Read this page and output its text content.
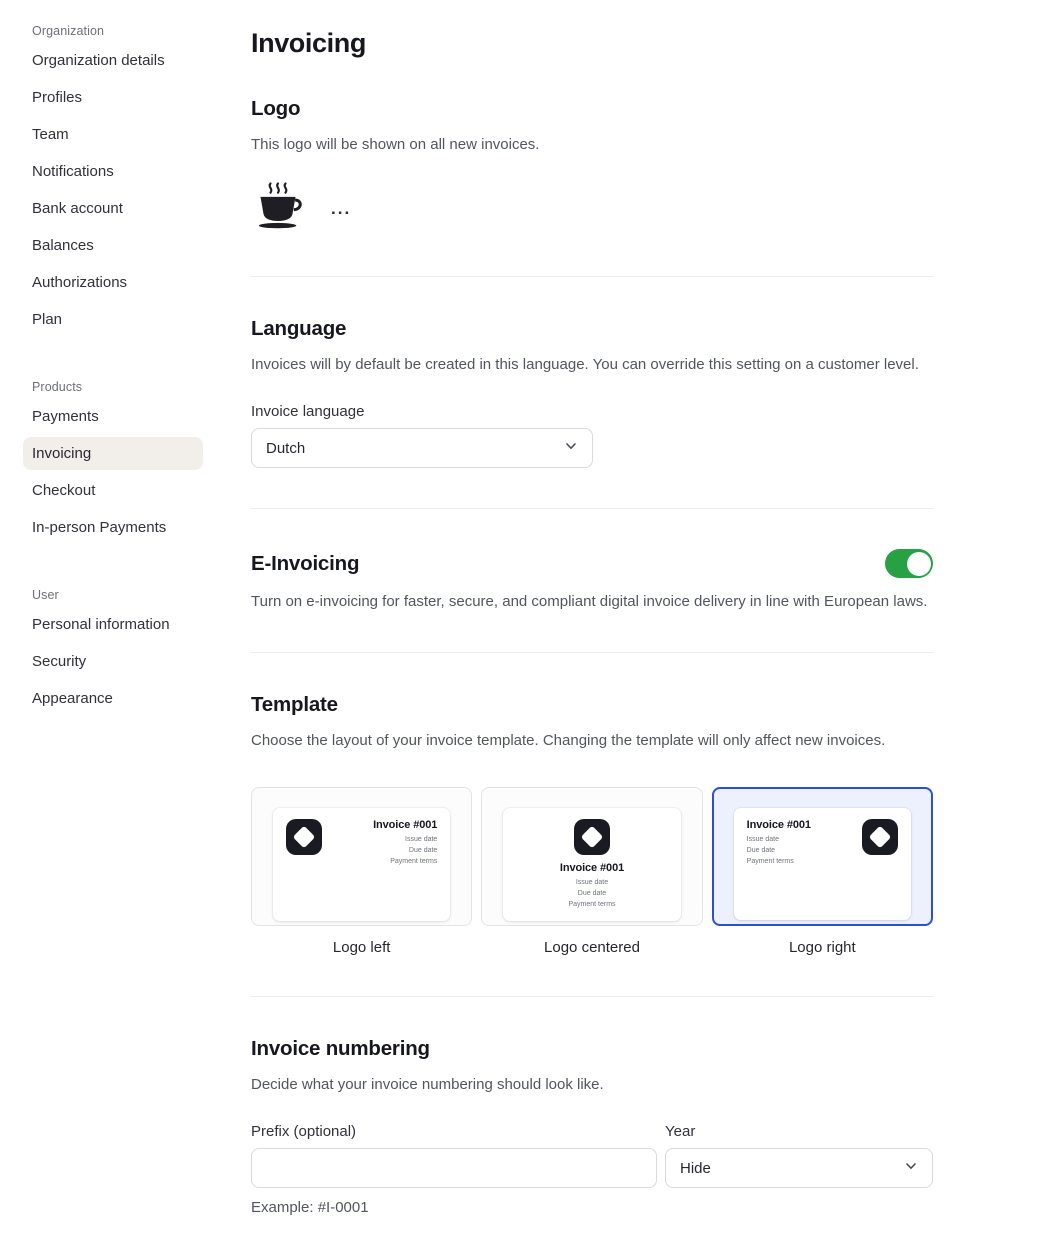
Organization
Organization details
Profiles
Team
Notifications
Bank account
Balances
Authorizations
Plan
Products
Payments
Invoicing
Checkout
In-person Payments
User
Personal information
Security
Appearance
Invoicing
Logo

This logo will be shown on all new invoices.

...
Language

Invoices will by default be created in this language. You can override this setting on a customer level.

Invoice language
Dutch
E-Invoicing

Turn on e-invoicing for faster, secure, and compliant digital invoice delivery in line with European laws.

Template

Choose the layout of your invoice template. Changing the template will only affect new invoices.

Invoice #001
Issue date
Due date
Payment terms
Logo left
Invoice #001
Issue date
Due date
Payment terms
Logo centered
Invoice #001
Issue date
Due date
Payment terms
Logo right
Invoice numbering

Decide what your invoice numbering should look like.

Prefix (optional)	Year
Hide
Example: #I-0001
